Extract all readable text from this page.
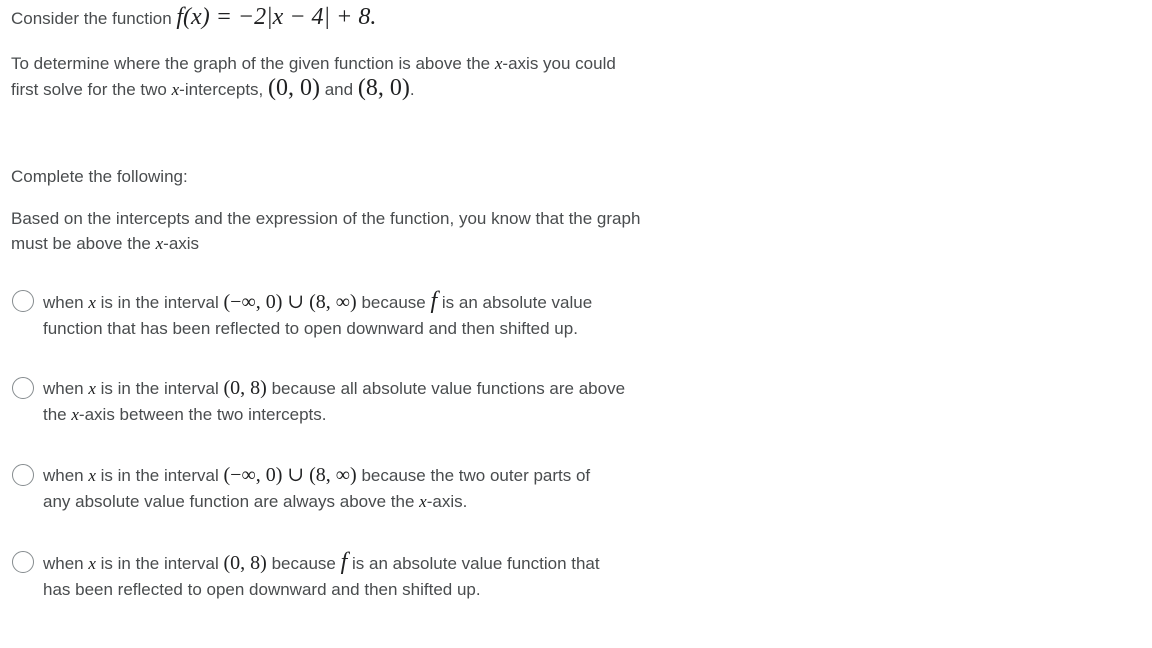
Consider the function f(x) = −2|x − 4| + 8.
To determine where the graph of the given function is above the x-axis you could
first solve for the two x-intercepts, (0, 0) and (8, 0).
Complete the following:
Based on the intercepts and the expression of the function, you know that the graph
must be above the x-axis
when x is in the interval (−∞, 0) ∪ (8, ∞) because f is an absolute value
function that has been reflected to open downward and then shifted up.
when x is in the interval (0, 8) because all absolute value functions are above
the x-axis between the two intercepts.
when x is in the interval (−∞, 0) ∪ (8, ∞) because the two outer parts of
any absolute value function are always above the x-axis.
when x is in the interval (0, 8) because f is an absolute value function that
has been reflected to open downward and then shifted up.
